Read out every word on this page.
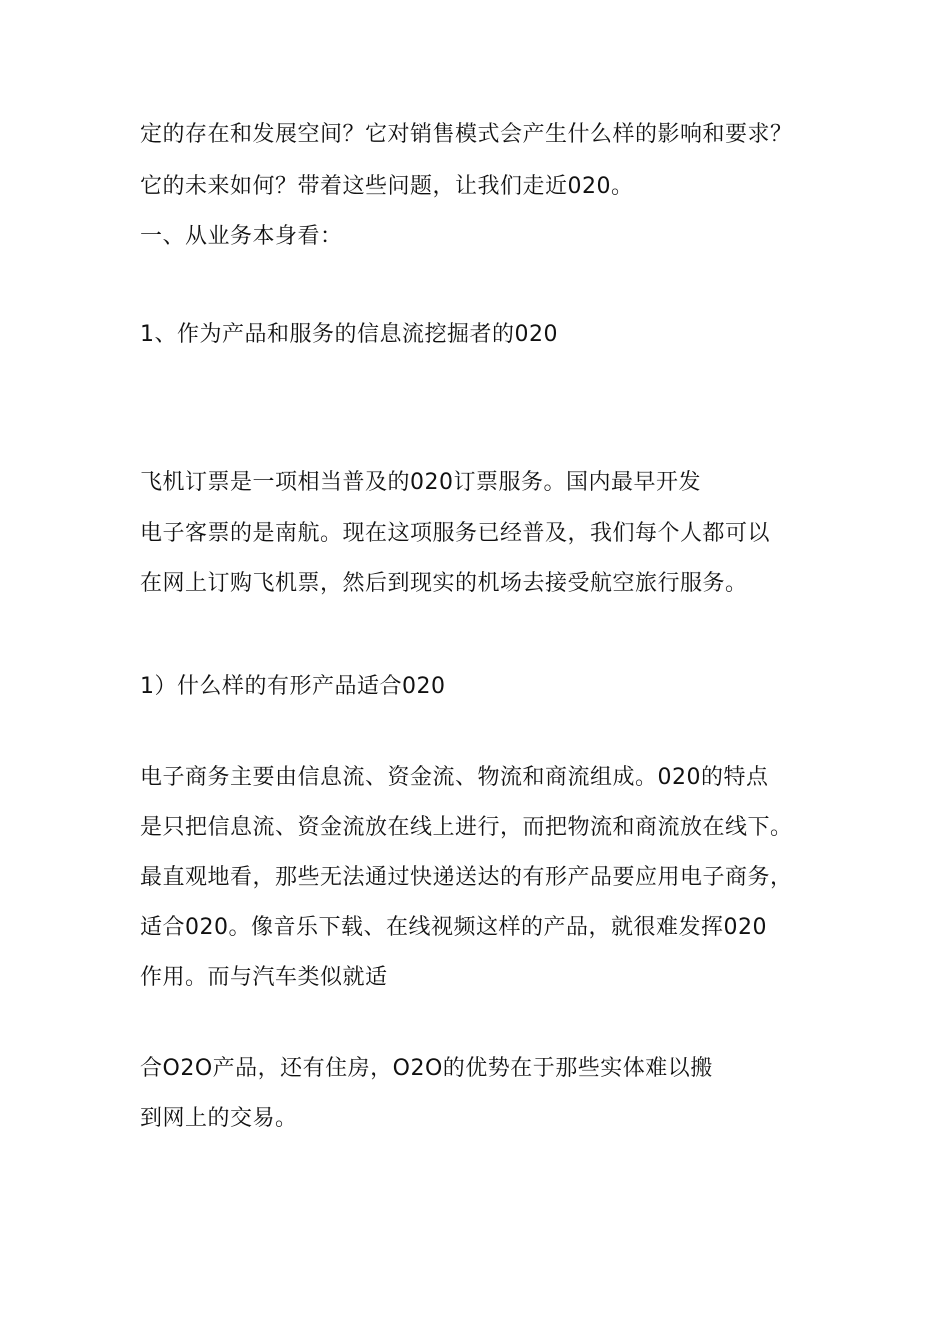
定的存在和发展空间？它对销售模式会产生什么样的影响和要求？
它的未来如何？带着这些问题，让我们走近020。
一、从业务本身看：
1、作为产品和服务的信息流挖掘者的020
飞机订票是一项相当普及的020订票服务。国内最早开发
电子客票的是南航。现在这项服务已经普及，我们每个人都可以
在网上订购飞机票，然后到现实的机场去接受航空旅行服务。
1）什么样的有形产品适合020
电子商务主要由信息流、资金流、物流和商流组成。020的特点
是只把信息流、资金流放在线上进行，而把物流和商流放在线下。
最直观地看，那些无法通过快递送达的有形产品要应用电子商务，
适合020。像音乐下载、在线视频这样的产品，就很难发挥020
作用。而与汽车类似就适
合O2O产品，还有住房，O2O的优势在于那些实体难以搬
到网上的交易。
